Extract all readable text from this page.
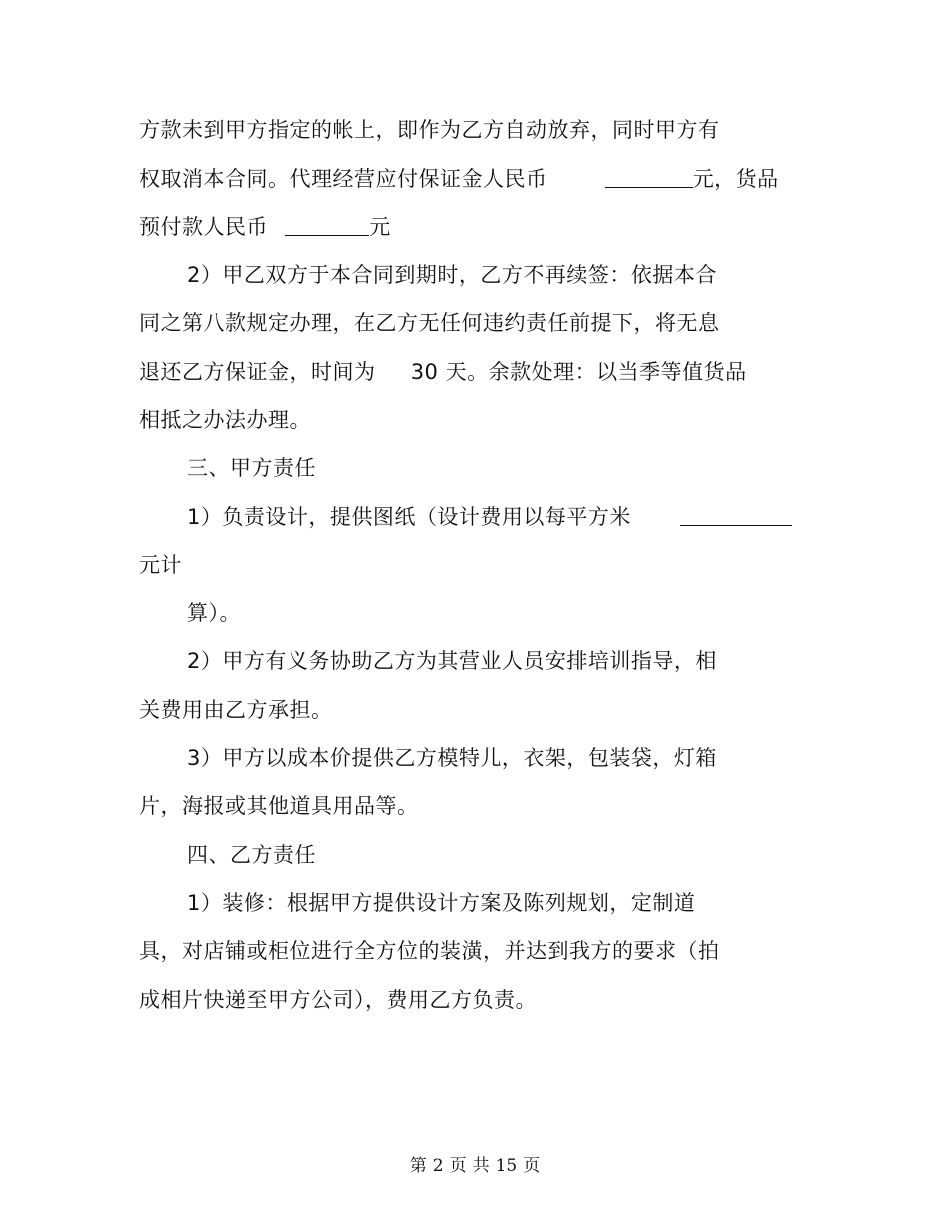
方款未到甲方指定的帐上，即作为乙方自动放弃，同时甲方有
权取消本合同。代理经营应付保证金人民币	元，货品
预付款人民币	元
2）甲乙双方于本合同到期时，乙方不再续签：依据本合
同之第八款规定办理，在乙方无任何违约责任前提下，将无息
退还乙方保证金，时间为 30 天。余款处理：以当季等值货品
相抵之办法办理。
三、甲方责任
1）负责设计，提供图纸（设计费用以每平方米
元计
算）。
2）甲方有义务协助乙方为其营业人员安排培训指导，相
关费用由乙方承担。
3）甲方以成本价提供乙方模特儿，衣架，包装袋，灯箱
片，海报或其他道具用品等。
四、乙方责任
1）装修：根据甲方提供设计方案及陈列规划，定制道
具，对店铺或柜位进行全方位的装潢，并达到我方的要求（拍
成相片快递至甲方公司），费用乙方负责。
第 2 页 共 15 页
